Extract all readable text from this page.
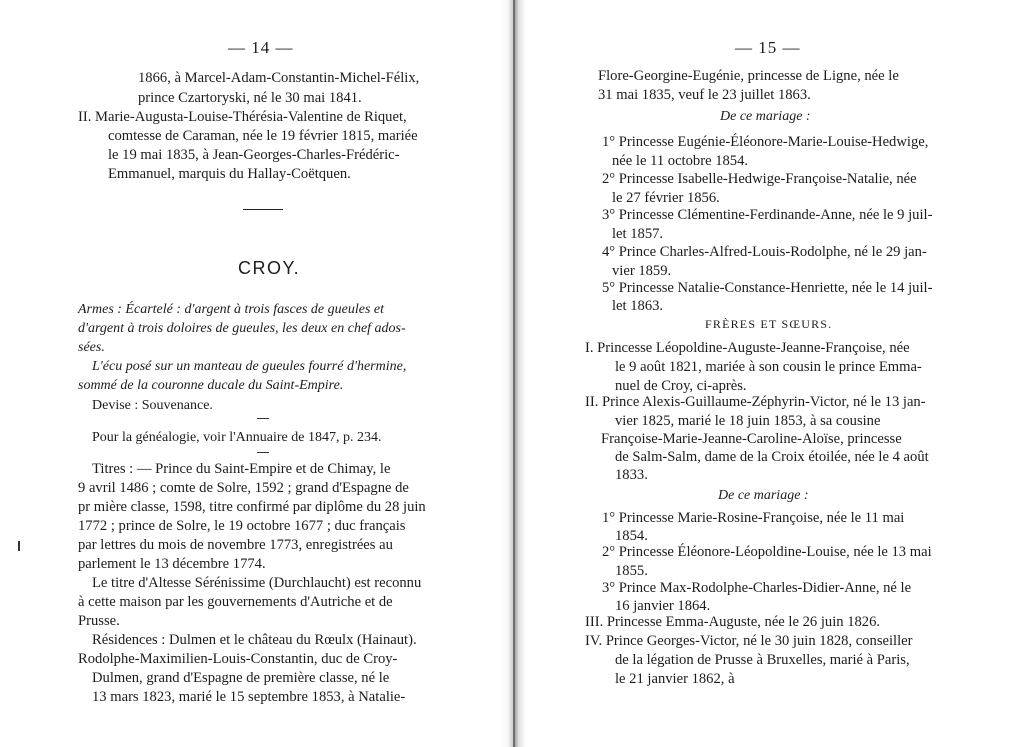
— 14 —
1866, à Marcel-Adam-Constantin-Michel-Félix,
prince Czartoryski, né le 30 mai 1841.
II. Marie-Augusta-Louise-Thérésia-Valentine de Riquet,
comtesse de Caraman, née le 19 février 1815, mariée
le 19 mai 1835, à Jean-Georges-Charles-Frédéric-
Emmanuel, marquis du Hallay-Coëtquen.
CROY.
Armes : Écartelé : d'argent à trois fasces de gueules et
d'argent à trois doloires de gueules, les deux en chef ados-
sées.
L'écu posé sur un manteau de gueules fourré d'hermine,
sommé de la couronne ducale du Saint-Empire.
Devise : Souvenance.
Pour la généalogie, voir l'Annuaire de 1847, p. 234.
Titres : — Prince du Saint-Empire et de Chimay, le
9 avril 1486 ; comte de Solre, 1592 ; grand d'Espagne de
pr mière classe, 1598, titre confirmé par diplôme du 28 juin
1772 ; prince de Solre, le 19 octobre 1677 ; duc français
par lettres du mois de novembre 1773, enregistrées au
parlement le 13 décembre 1774.
Le titre d'Altesse Sérénissime (Durchlaucht) est reconnu
à cette maison par les gouvernements d'Autriche et de
Prusse.
Résidences : Dulmen et le château du Rœulx (Hainaut).
Rodolphe-Maximilien-Louis-Constantin, duc de Croy-
Dulmen, grand d'Espagne de première classe, né le
13 mars 1823, marié le 15 septembre 1853, à Natalie-
— 15 —
Flore-Georgine-Eugénie, princesse de Ligne, née le
31 mai 1835, veuf le 23 juillet 1863.
De ce mariage :
1° Princesse Eugénie-Éléonore-Marie-Louise-Hedwige,
née le 11 octobre 1854.
2° Princesse Isabelle-Hedwige-Françoise-Natalie, née
le 27 février 1856.
3° Princesse Clémentine-Ferdinande-Anne, née le 9 juil-
let 1857.
4° Prince Charles-Alfred-Louis-Rodolphe, né le 29 jan-
vier 1859.
5° Princesse Natalie-Constance-Henriette, née le 14 juil-
let 1863.
FRÈRES ET SŒURS.
I. Princesse Léopoldine-Auguste-Jeanne-Françoise, née
le 9 août 1821, mariée à son cousin le prince Emma-
nuel de Croy, ci-après.
II. Prince Alexis-Guillaume-Zéphyrin-Victor, né le 13 jan-
vier 1825, marié le 18 juin 1853, à sa cousine
Françoise-Marie-Jeanne-Caroline-Aloïse, princesse
de Salm-Salm, dame de la Croix étoilée, née le 4 août
1833.
De ce mariage :
1° Princesse Marie-Rosine-Françoise, née le 11 mai
1854.
2° Princesse Éléonore-Léopoldine-Louise, née le 13 mai
1855.
3° Prince Max-Rodolphe-Charles-Didier-Anne, né le
16 janvier 1864.
III. Princesse Emma-Auguste, née le 26 juin 1826.
IV. Prince Georges-Victor, né le 30 juin 1828, conseiller
de la légation de Prusse à Bruxelles, marié à Paris,
le 21 janvier 1862, à
